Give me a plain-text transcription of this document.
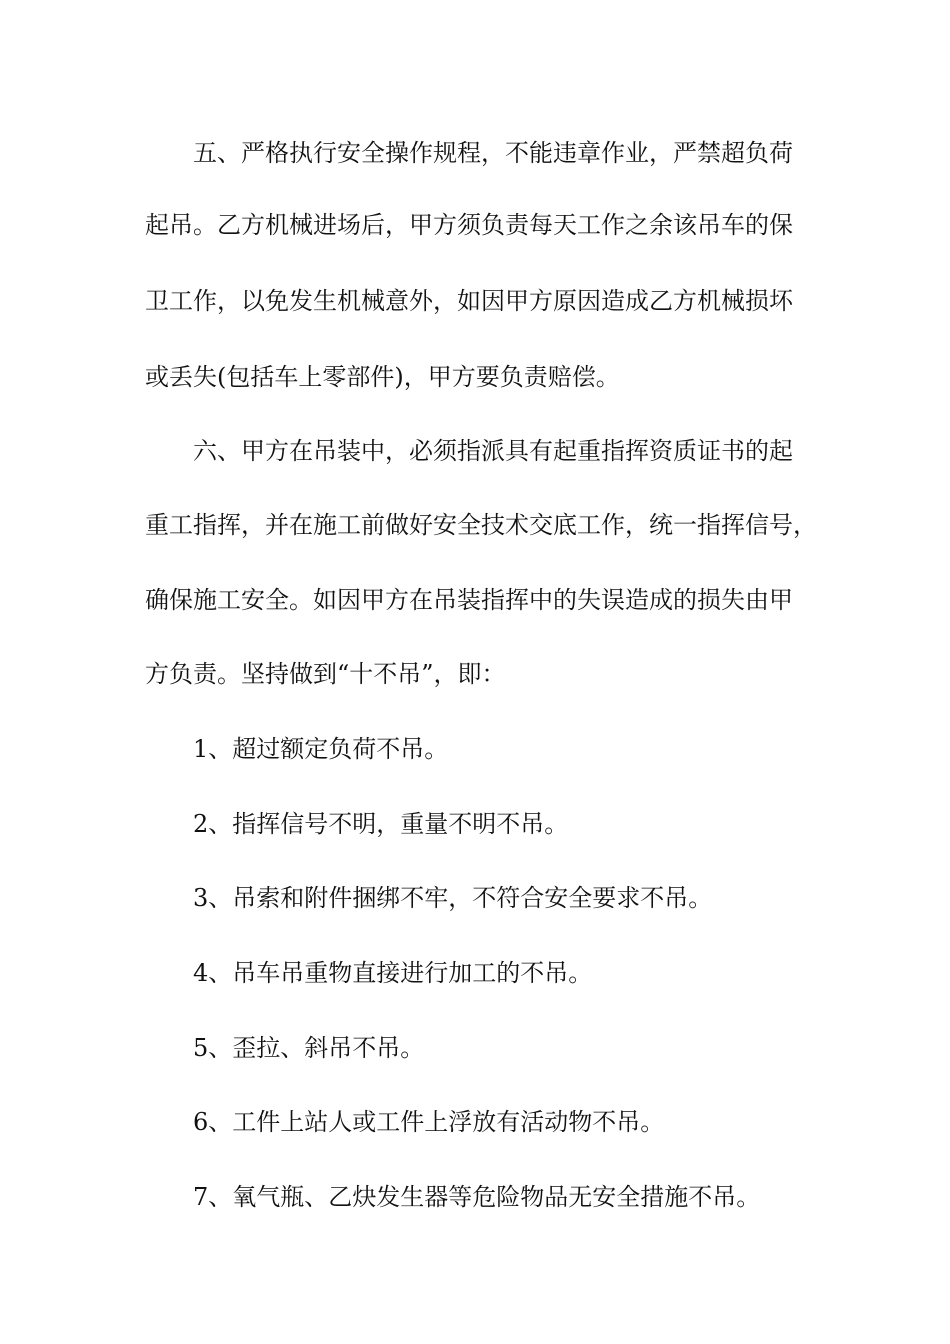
五、严格执行安全操作规程，不能违章作业，严禁超负荷
起吊。乙方机械进场后，甲方须负责每天工作之余该吊车的保
卫工作，以免发生机械意外，如因甲方原因造成乙方机械损坏
或丢失(包括车上零部件)，甲方要负责赔偿。
六、甲方在吊装中，必须指派具有起重指挥资质证书的起
重工指挥，并在施工前做好安全技术交底工作，统一指挥信号，
确保施工安全。如因甲方在吊装指挥中的失误造成的损失由甲
方负责。坚持做到“十不吊”，即：
1、超过额定负荷不吊。
2、指挥信号不明，重量不明不吊。
3、吊索和附件捆绑不牢，不符合安全要求不吊。
4、吊车吊重物直接进行加工的不吊。
5、歪拉、斜吊不吊。
6、工件上站人或工件上浮放有活动物不吊。
7、氧气瓶、乙炔发生器等危险物品无安全措施不吊。
